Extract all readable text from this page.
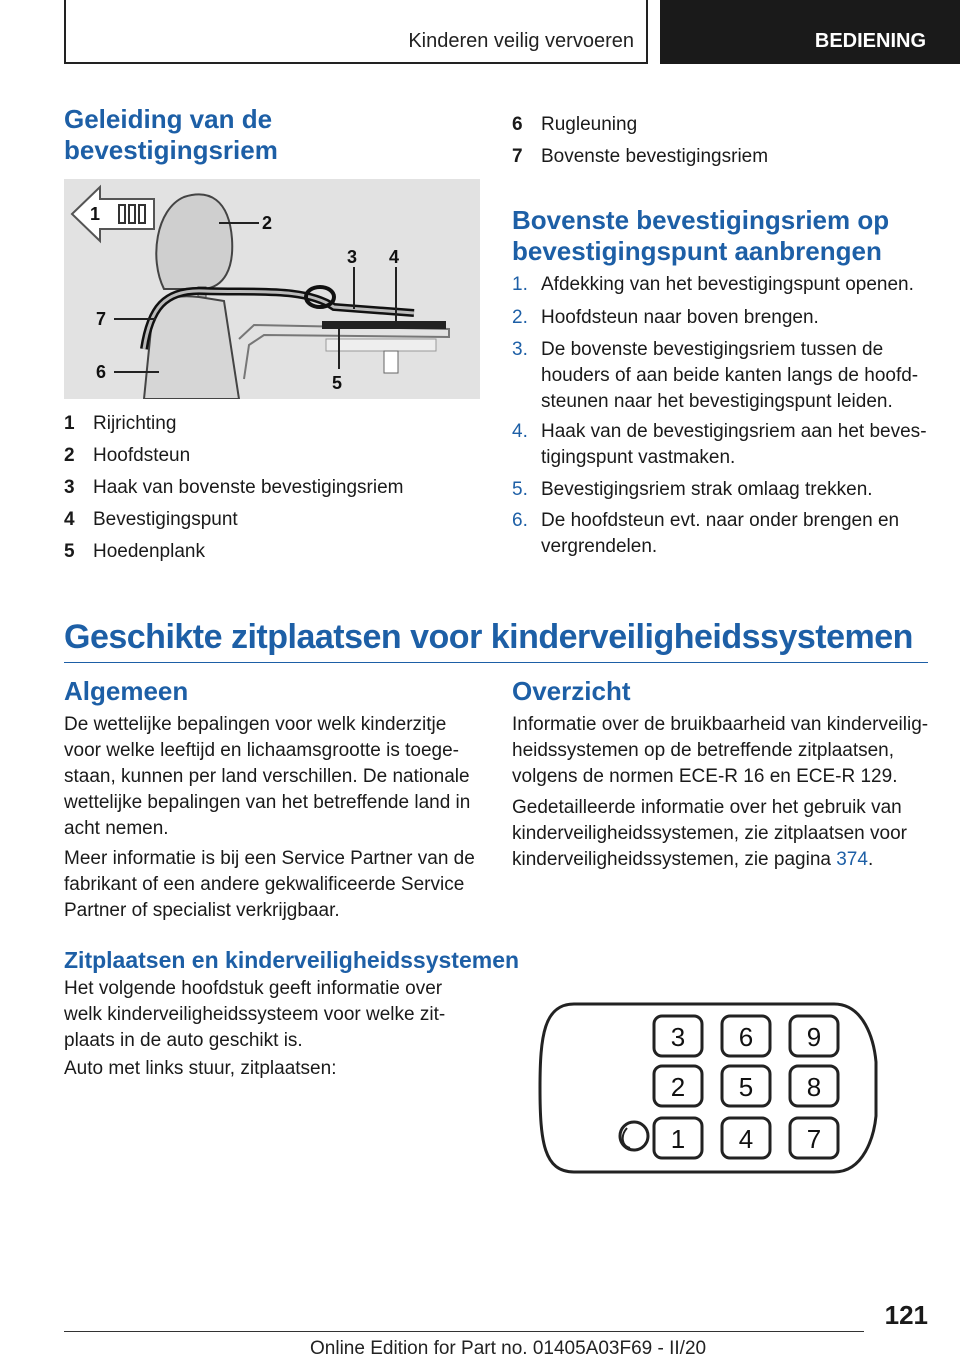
Kinderen veilig vervoeren	BEDIENING
Geleiding van de bevestigingsriem
1	2
3 4
5
6
7
1 Rijrichting
2 Hoofdsteun
3 Haak van bovenste bevestigingsriem
4 Bevestigingspunt
5 Hoedenplank
6 Rugleuning
7 Bovenste bevestigingsriem
Bovenste bevestigingsriem op bevestigingspunt aanbrengen
1. Afdekking van het bevestigingspunt openen.
2. Hoofdsteun naar boven brengen.
3. De bovenste bevestigingsriem tussen de houders of aan beide kanten langs de hoofdsteunen naar het bevestigingspunt leiden.
4. Haak van de bevestigingsriem aan het bevestigingspunt vastmaken.
5. Bevestigingsriem strak omlaag trekken.
6. De hoofdsteun evt. naar onder brengen en vergrendelen.
Geschikte zitplaatsen voor kinderveiligheidssystemen
Algemeen
De wettelijke bepalingen voor welk kinderzitje voor welke leeftijd en lichaamsgrootte is toegestaan, kunnen per land verschillen. De nationale wettelijke bepalingen van het betreffende land in acht nemen.
Meer informatie is bij een Service Partner van de fabrikant of een andere gekwalificeerde Service Partner of specialist verkrijgbaar.
Overzicht
Informatie over de bruikbaarheid van kinderveiligheidssystemen op de betreffende zitplaatsen, volgens de normen ECE-R 16 en ECE-R 129.
Gedetailleerde informatie over het gebruik van kinderveiligheidssystemen, zie zitplaatsen voor kinderveiligheidssystemen, zie pagina 374.
Zitplaatsen en kinderveiligheidssystemen
Het volgende hoofdstuk geeft informatie over welk kinderveiligheidssysteem voor welke zitplaats in de auto geschikt is.
Auto met links stuur, zitplaatsen:
3 6 9
2 5 8
1 4 7
121
Online Edition for Part no. 01405A03F69 - II/20
